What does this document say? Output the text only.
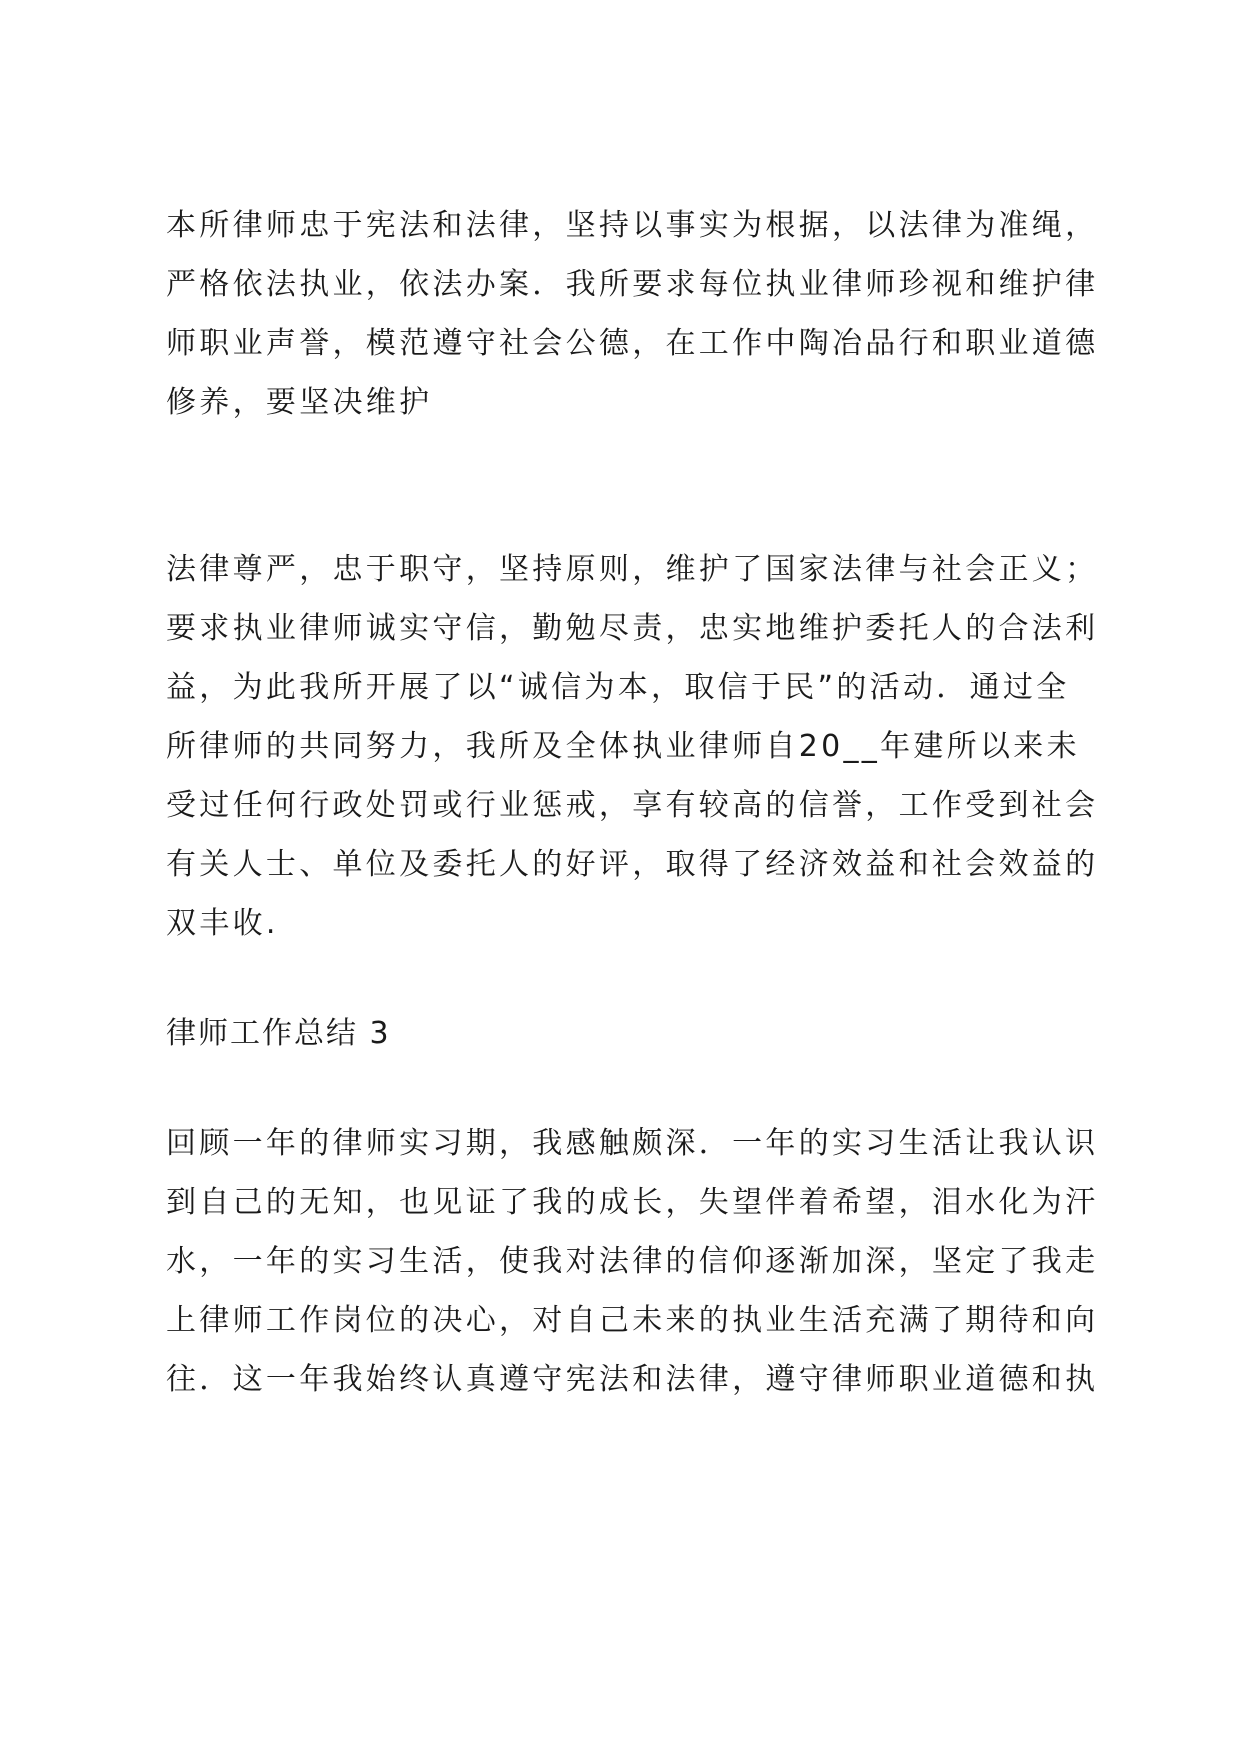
本所律师忠于宪法和法律，坚持以事实为根据，以法律为准绳，

严格依法执业，依法办案．我所要求每位执业律师珍视和维护律

师职业声誉，模范遵守社会公德，在工作中陶冶品行和职业道德

修养，要坚决维护

法律尊严，忠于职守，坚持原则，维护了国家法律与社会正义；

要求执业律师诚实守信，勤勉尽责，忠实地维护委托人的合法利

益，为此我所开展了以“诚信为本，取信于民”的活动．通过全

所律师的共同努力，我所及全体执业律师自20__年建所以来未

受过任何行政处罚或行业惩戒，享有较高的信誉，工作受到社会

有关人士、单位及委托人的好评，取得了经济效益和社会效益的

双丰收.

律师工作总结 3

回顾一年的律师实习期，我感触颇深．一年的实习生活让我认识

到自己的无知，也见证了我的成长，失望伴着希望，泪水化为汗

水，一年的实习生活，使我对法律的信仰逐渐加深，坚定了我走

上律师工作岗位的决心，对自己未来的执业生活充满了期待和向

往．这一年我始终认真遵守宪法和法律，遵守律师职业道德和执
